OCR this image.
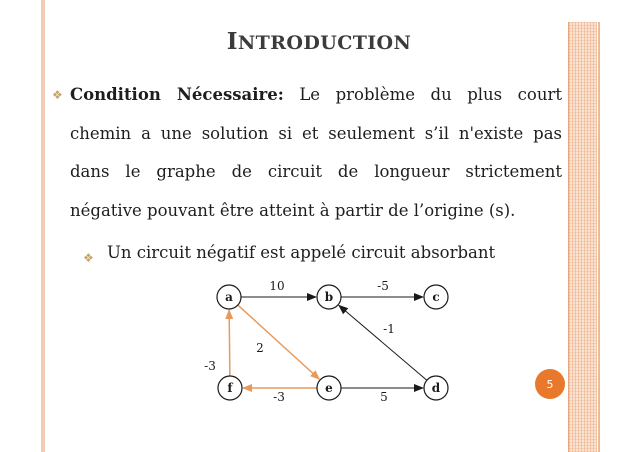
INTRODUCTION
❖ Condition Nécessaire: Le problème du plus court chemin a une solution si et seulement s’il n'existe pas dans le graphe de circuit de longueur strictement négative pouvant être atteint à partir de l’origine (s).

❖ Un circuit négatif est appelé circuit absorbant

a	b	c
f	e	d
10	-5
-1
5
2
-3
-3
5
